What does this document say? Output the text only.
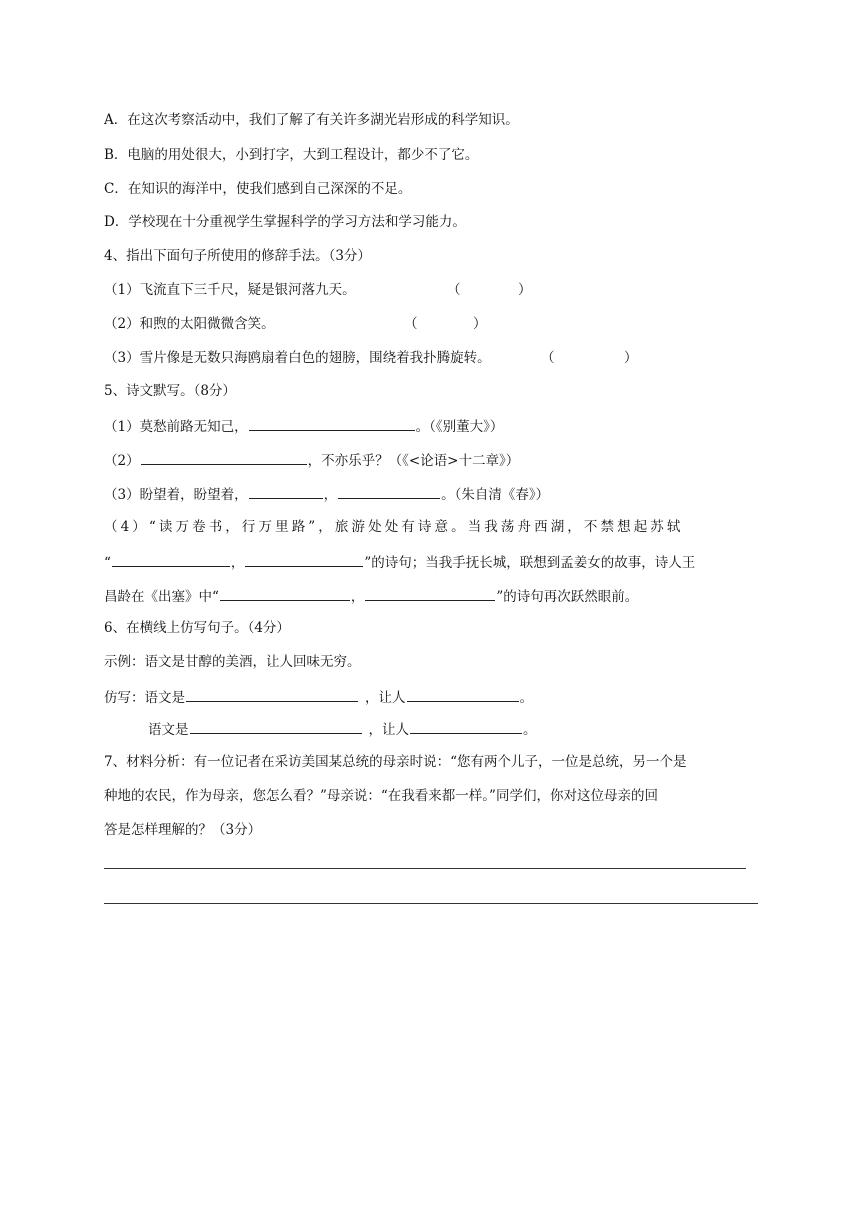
A．在这次考察活动中，我们了解了有关许多湖光岩形成的科学知识。
B．电脑的用处很大，小到打字，大到工程设计，都少不了它。
C．在知识的海洋中，使我们感到自己深深的不足。
D．学校现在十分重视学生掌握科学的学习方法和学习能力。
4、指出下面句子所使用的修辞手法。（3分）
（1）飞流直下三千尺，疑是银河落九天。	（	）
（2）和煦的太阳微微含笑。	（	）
（3）雪片像是无数只海鸥扇着白色的翅膀，围绕着我扑腾旋转。	（	）
5、诗文默写。（8分）
（1）莫愁前路无知己，	。（《别董大》）
（2）	，不亦乐乎？（《<论语>十二章》）
（3）盼望着，盼望着，	，	。（朱自清《春》）
（4）“读万卷书，行万里路”，旅游处处有诗意。当我荡舟西湖，不禁想起苏轼
“	，	”的诗句；当我手抚长城，联想到孟姜女的故事，诗人王
昌龄在《出塞》中“	，	”的诗句再次跃然眼前。
6、在横线上仿写句子。（4分）
示例：语文是甘醇的美酒，让人回味无穷。
仿写：语文是	，让人	。
语文是	，让人	。
7、材料分析：有一位记者在采访美国某总统的母亲时说：“您有两个儿子，一位是总统，另一个是
种地的农民，作为母亲，您怎么看？”母亲说：“在我看来都一样。”同学们，你对这位母亲的回
答是怎样理解的？（3分）
